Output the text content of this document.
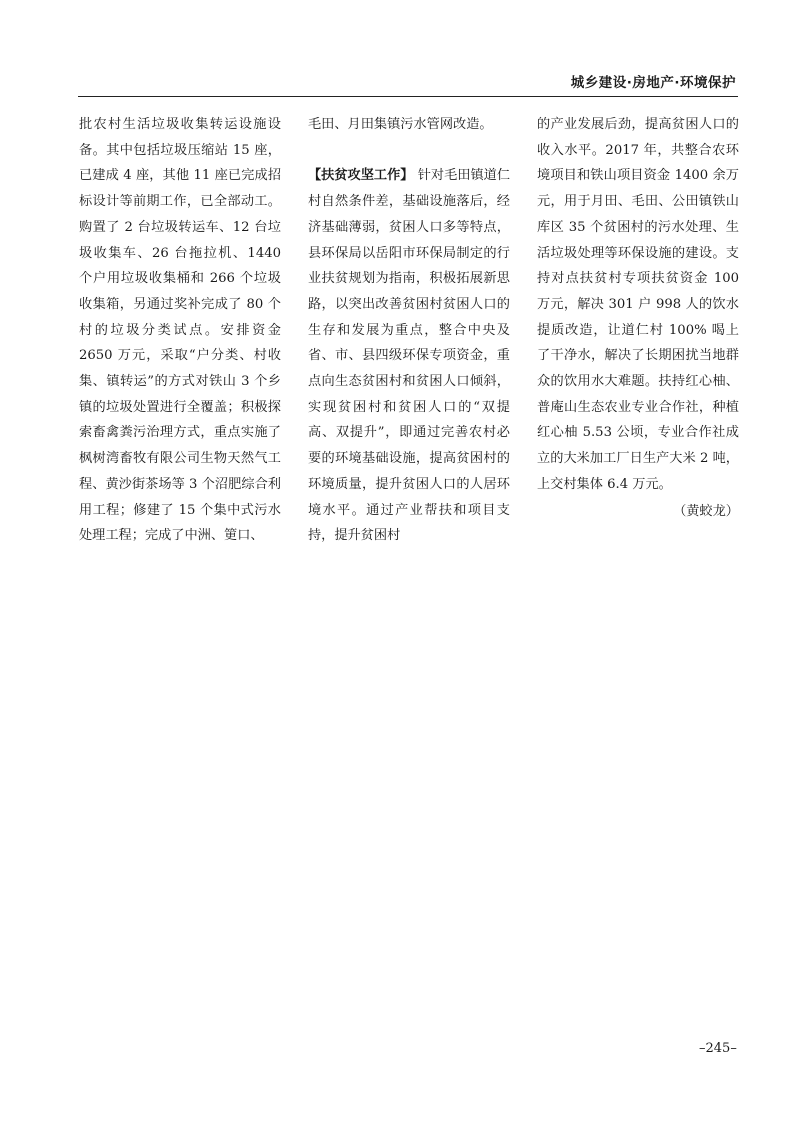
城乡建设·房地产·环境保护

批农村生活垃圾收集转运设施设备。其中包括垃圾压缩站 15 座，已建成 4 座，其他 11 座已完成招标设计等前期工作，已全部动工。购置了 2 台垃圾转运车、12 台垃圾收集车、26 台拖拉机、1440 个户用垃圾收集桶和 266 个垃圾收集箱，另通过奖补完成了 80 个村的垃圾分类试点。安排资金 2650 万元，采取“户分类、村收集、镇转运”的方式对铁山 3 个乡镇的垃圾处置进行全覆盖；积极探索畜禽粪污治理方式，重点实施了枫树湾畜牧有限公司生物天然气工程、黄沙街茶场等 3 个沼肥综合利用工程；修建了 15 个集中式污水处理工程；完成了中洲、筻口、

毛田、月田集镇污水管网改造。

【扶贫攻坚工作】 针对毛田镇道仁村自然条件差，基础设施落后，经济基础薄弱，贫困人口多等特点，县环保局以岳阳市环保局制定的行业扶贫规划为指南，积极拓展新思路，以突出改善贫困村贫困人口的生存和发展为重点，整合中央及省、市、县四级环保专项资金，重点向生态贫困村和贫困人口倾斜，实现贫困村和贫困人口的“双提高、双提升”，即通过完善农村必要的环境基础设施，提高贫困村的环境质量，提升贫困人口的人居环境水平。通过产业帮扶和项目支持，提升贫困村

的产业发展后劲，提高贫困人口的收入水平。2017 年，共整合农环境项目和铁山项目资金 1400 余万元，用于月田、毛田、公田镇铁山库区 35 个贫困村的污水处理、生活垃圾处理等环保设施的建设。支持对点扶贫村专项扶贫资金 100 万元，解决 301 户 998 人的饮水提质改造，让道仁村 100% 喝上了干净水，解决了长期困扰当地群众的饮用水大难题。扶持红心柚、普庵山生态农业专业合作社，种植红心柚 5.53 公顷，专业合作社成立的大米加工厂日生产大米 2 吨，上交村集体 6.4 万元。

（黄蛟龙）

–245–
